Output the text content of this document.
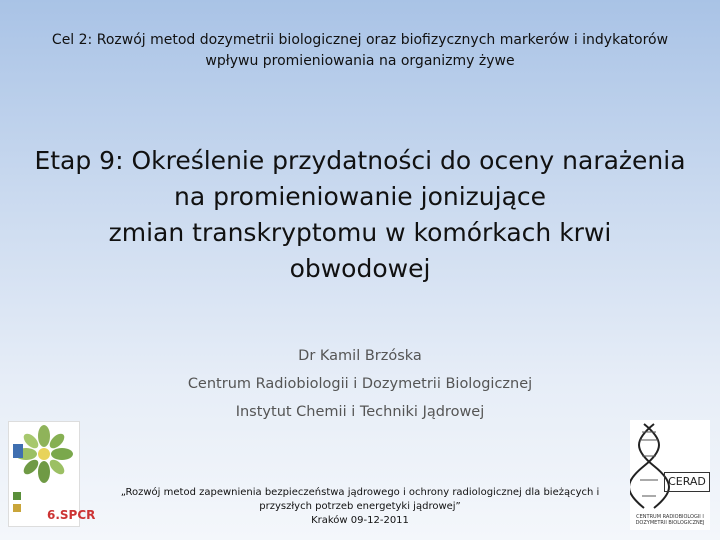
Cel 2: Rozwój metod dozymetrii biologicznej oraz biofizycznych markerów i indykatorów
wpływu promieniowania na organizmy żywe
Etap 9: Określenie przydatności do oceny narażenia
na promieniowanie jonizujące
zmian transkryptomu w komórkach krwi
obwodowej
Dr Kamil Brzóska
Centrum Radiobiologii i Dozymetrii Biologicznej
Instytut Chemii i Techniki Jądrowej
„Rozwój metod zapewnienia bezpieczeństwa jądrowego i ochrony radiologicznej dla bieżących i
przyszłych potrzeb energetyki jądrowej”
Kraków 09-12-2011
6.SPCR
CERAD
CENTRUM RADIOBIOLOGII I DOZYMETRII BIOLOGICZNEJ
